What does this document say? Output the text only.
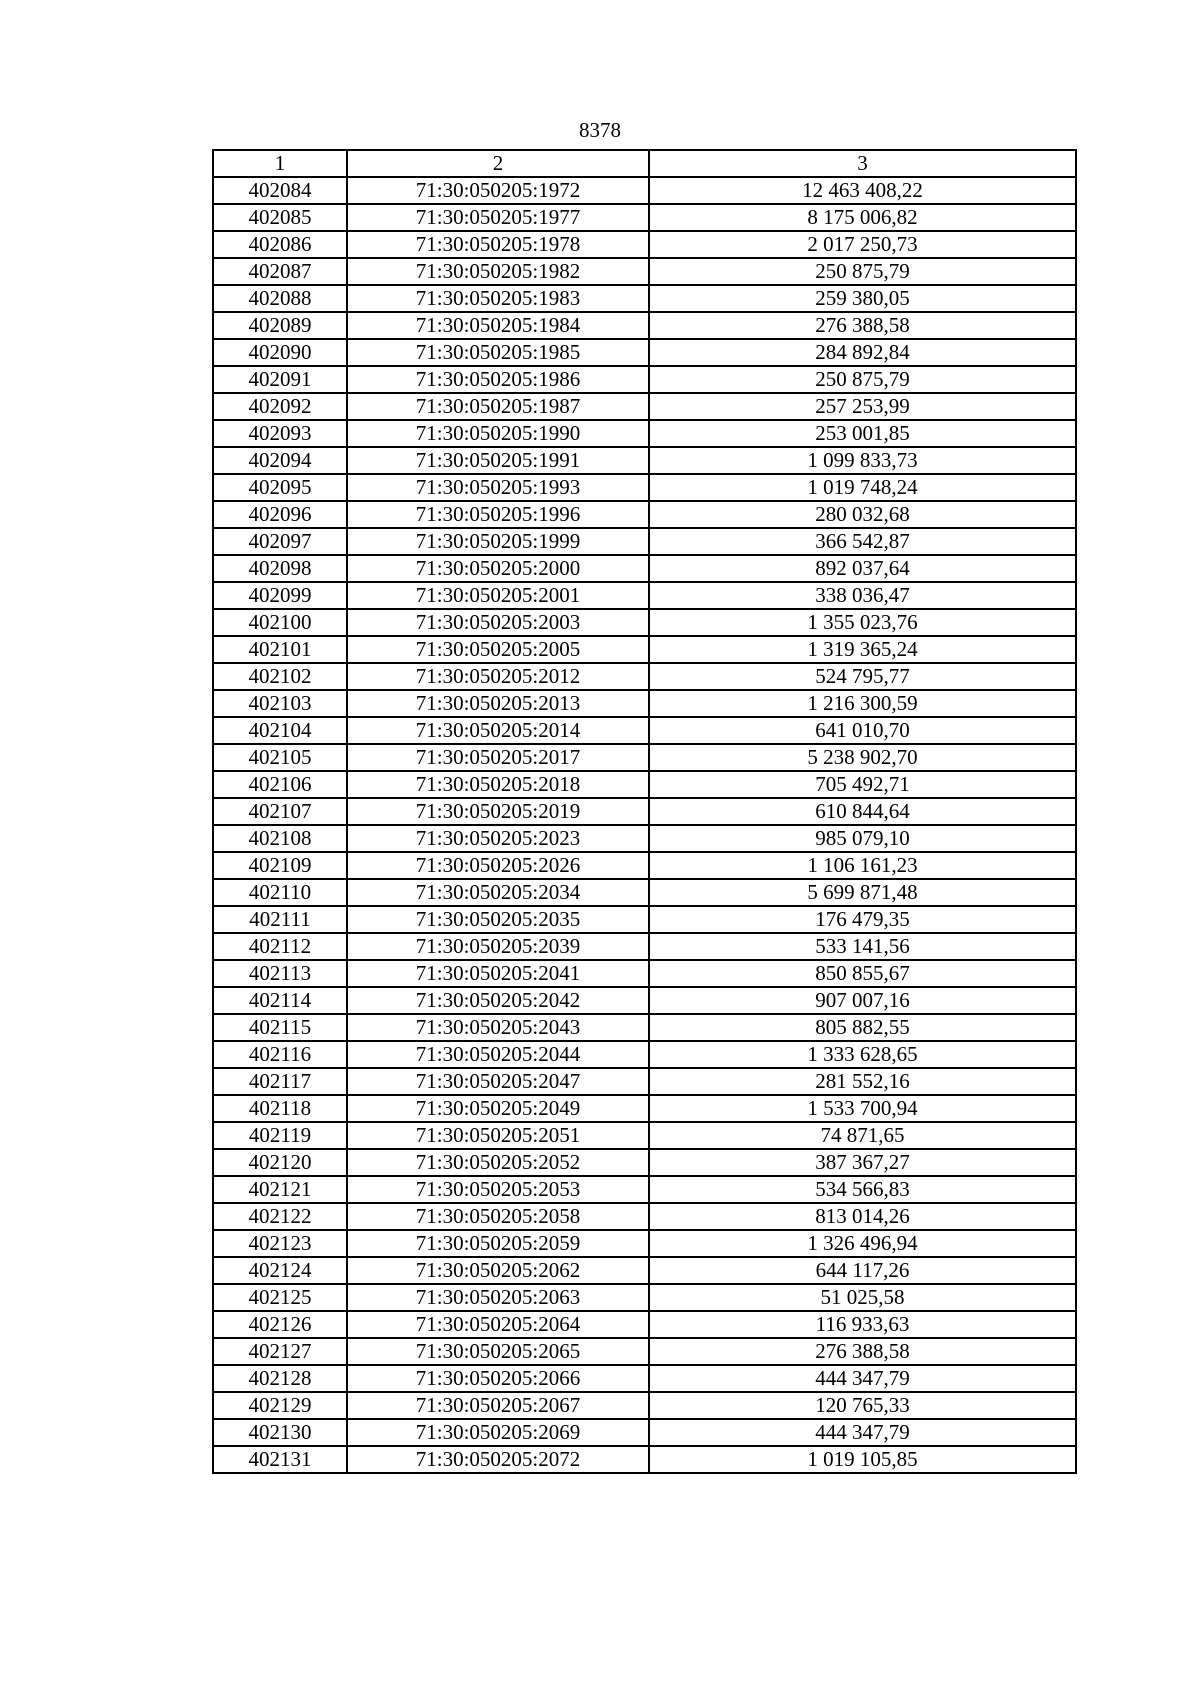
8378
1	2	3
402084	71:30:050205:1972	12 463 408,22
402085	71:30:050205:1977	8 175 006,82
402086	71:30:050205:1978	2 017 250,73
402087	71:30:050205:1982	250 875,79
402088	71:30:050205:1983	259 380,05
402089	71:30:050205:1984	276 388,58
402090	71:30:050205:1985	284 892,84
402091	71:30:050205:1986	250 875,79
402092	71:30:050205:1987	257 253,99
402093	71:30:050205:1990	253 001,85
402094	71:30:050205:1991	1 099 833,73
402095	71:30:050205:1993	1 019 748,24
402096	71:30:050205:1996	280 032,68
402097	71:30:050205:1999	366 542,87
402098	71:30:050205:2000	892 037,64
402099	71:30:050205:2001	338 036,47
402100	71:30:050205:2003	1 355 023,76
402101	71:30:050205:2005	1 319 365,24
402102	71:30:050205:2012	524 795,77
402103	71:30:050205:2013	1 216 300,59
402104	71:30:050205:2014	641 010,70
402105	71:30:050205:2017	5 238 902,70
402106	71:30:050205:2018	705 492,71
402107	71:30:050205:2019	610 844,64
402108	71:30:050205:2023	985 079,10
402109	71:30:050205:2026	1 106 161,23
402110	71:30:050205:2034	5 699 871,48
402111	71:30:050205:2035	176 479,35
402112	71:30:050205:2039	533 141,56
402113	71:30:050205:2041	850 855,67
402114	71:30:050205:2042	907 007,16
402115	71:30:050205:2043	805 882,55
402116	71:30:050205:2044	1 333 628,65
402117	71:30:050205:2047	281 552,16
402118	71:30:050205:2049	1 533 700,94
402119	71:30:050205:2051	74 871,65
402120	71:30:050205:2052	387 367,27
402121	71:30:050205:2053	534 566,83
402122	71:30:050205:2058	813 014,26
402123	71:30:050205:2059	1 326 496,94
402124	71:30:050205:2062	644 117,26
402125	71:30:050205:2063	51 025,58
402126	71:30:050205:2064	116 933,63
402127	71:30:050205:2065	276 388,58
402128	71:30:050205:2066	444 347,79
402129	71:30:050205:2067	120 765,33
402130	71:30:050205:2069	444 347,79
402131	71:30:050205:2072	1 019 105,85
